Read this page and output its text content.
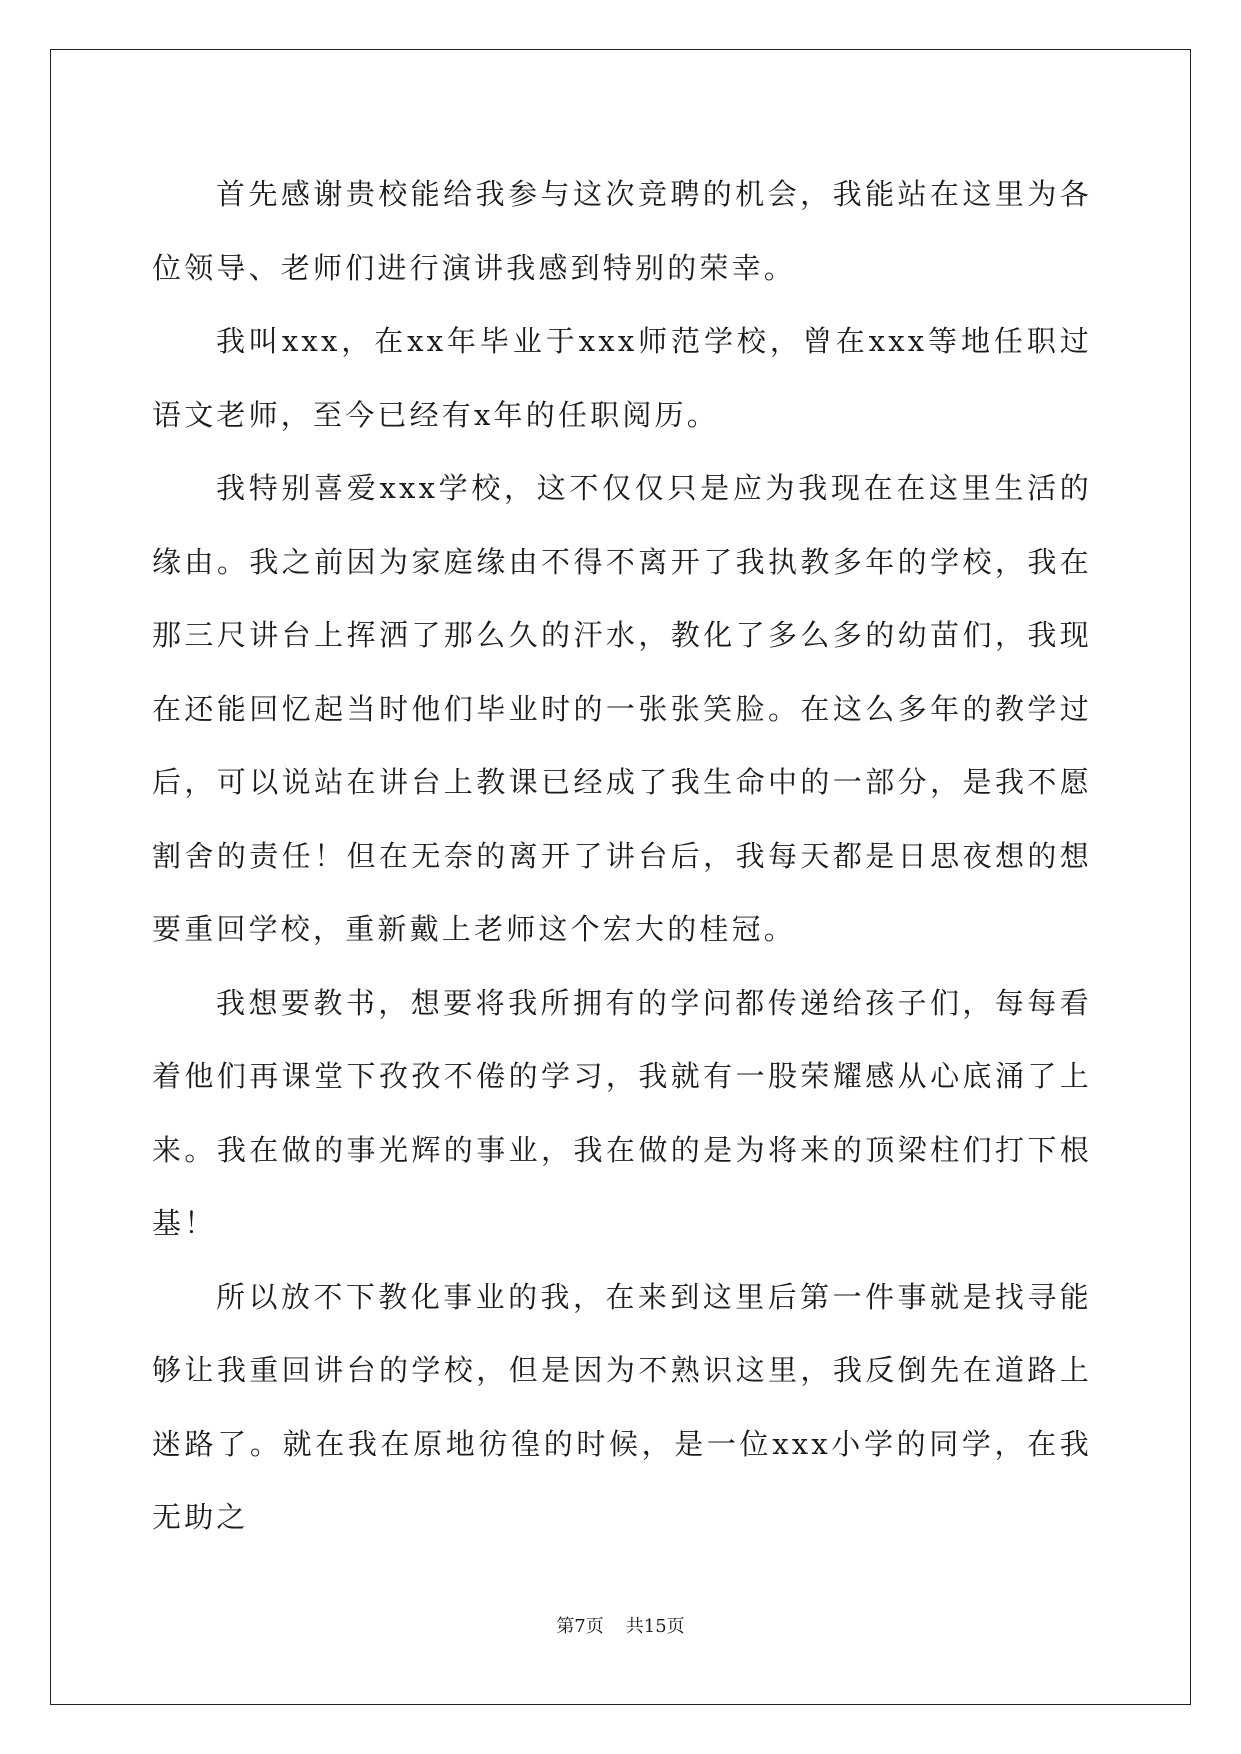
首先感谢贵校能给我参与这次竞聘的机会，我能站在这里为各位领导、老师们进行演讲我感到特别的荣幸。

我叫xxx，在xx年毕业于xxx师范学校，曾在xxx等地任职过语文老师，至今已经有x年的任职阅历。

我特别喜爱xxx学校，这不仅仅只是应为我现在在这里生活的缘由。我之前因为家庭缘由不得不离开了我执教多年的学校，我在那三尺讲台上挥洒了那么久的汗水，教化了多么多的幼苗们，我现在还能回忆起当时他们毕业时的一张张笑脸。在这么多年的教学过后，可以说站在讲台上教课已经成了我生命中的一部分，是我不愿割舍的责任！但在无奈的离开了讲台后，我每天都是日思夜想的想要重回学校，重新戴上老师这个宏大的桂冠。

我想要教书，想要将我所拥有的学问都传递给孩子们，每每看着他们再课堂下孜孜不倦的学习，我就有一股荣耀感从心底涌了上来。我在做的事光辉的事业，我在做的是为将来的顶梁柱们打下根基！

所以放不下教化事业的我，在来到这里后第一件事就是找寻能够让我重回讲台的学校，但是因为不熟识这里，我反倒先在道路上迷路了。就在我在原地彷徨的时候，是一位xxx小学的同学，在我无助之

第7页 共15页
